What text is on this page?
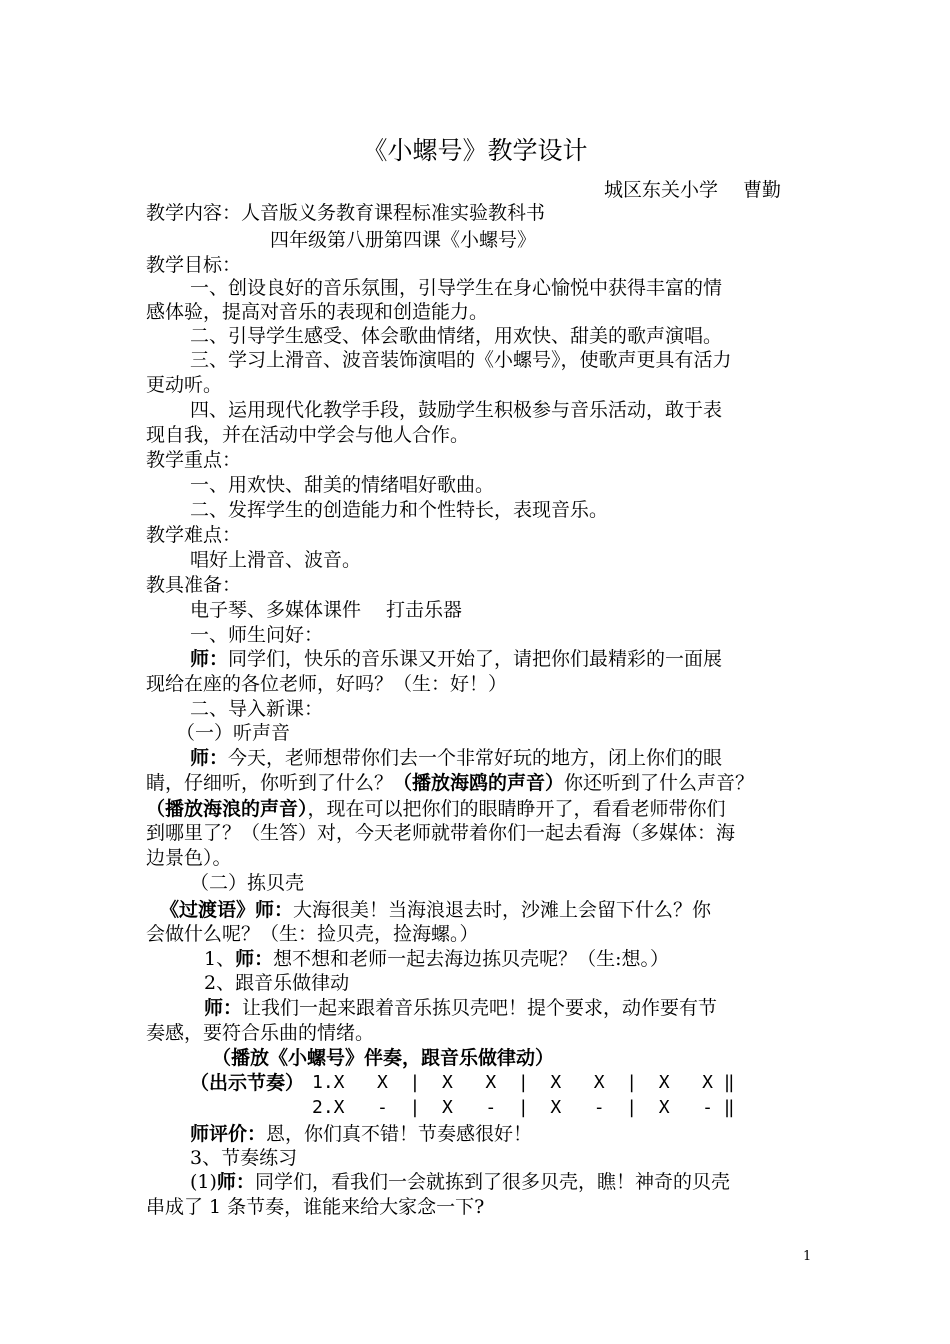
《小螺号》教学设计
城区东关小学　 曹勤
教学内容：人音版义务教育课程标准实验教科书
四年级第八册第四课《小螺号》
教学目标：
一、创设良好的音乐氛围，引导学生在身心愉悦中获得丰富的情
感体验，提高对音乐的表现和创造能力。
二、引导学生感受、体会歌曲情绪，用欢快、甜美的歌声演唱。
三、学习上滑音、波音装饰演唱的《小螺号》，使歌声更具有活力
更动听。
四、运用现代化教学手段，鼓励学生积极参与音乐活动，敢于表
现自我，并在活动中学会与他人合作。
教学重点：
一、用欢快、甜美的情绪唱好歌曲。
二、发挥学生的创造能力和个性特长，表现音乐。
教学难点：
唱好上滑音、波音。
教具准备：
电子琴、多媒体课件　 打击乐器
一、师生问好：
师：同学们，快乐的音乐课又开始了，请把你们最精彩的一面展
现给在座的各位老师，好吗？（生：好！）
二、导入新课：
（一）听声音
师：今天，老师想带你们去一个非常好玩的地方，闭上你们的眼
睛，仔细听，你听到了什么？（播放海鸥的声音）你还听到了什么声音？
（播放海浪的声音），现在可以把你们的眼睛睁开了，看看老师带你们
到哪里了？（生答）对，今天老师就带着你们一起去看海（多媒体：海
边景色）。
（二）拣贝壳
《过渡语》师：大海很美！当海浪退去时，沙滩上会留下什么？你
会做什么呢？（生：捡贝壳，捡海螺。）
1、师：想不想和老师一起去海边拣贝壳呢？（生:想。）
2、跟音乐做律动
师：让我们一起来跟着音乐拣贝壳吧！提个要求，动作要有节
奏感，要符合乐曲的情绪。
（播放《小螺号》伴奏，跟音乐做律动）
（出示节奏）
师评价：恩，你们真不错！节奏感很好！
3、节奏练习
(1)师：同学们，看我们一会就拣到了很多贝壳，瞧！神奇的贝壳
串成了 1 条节奏，谁能来给大家念一下?
1.X   X  |  X   X  |  X   X  |  X   X ‖
2.X   -  |  X   -  |  X   -  |  X   - ‖
1
